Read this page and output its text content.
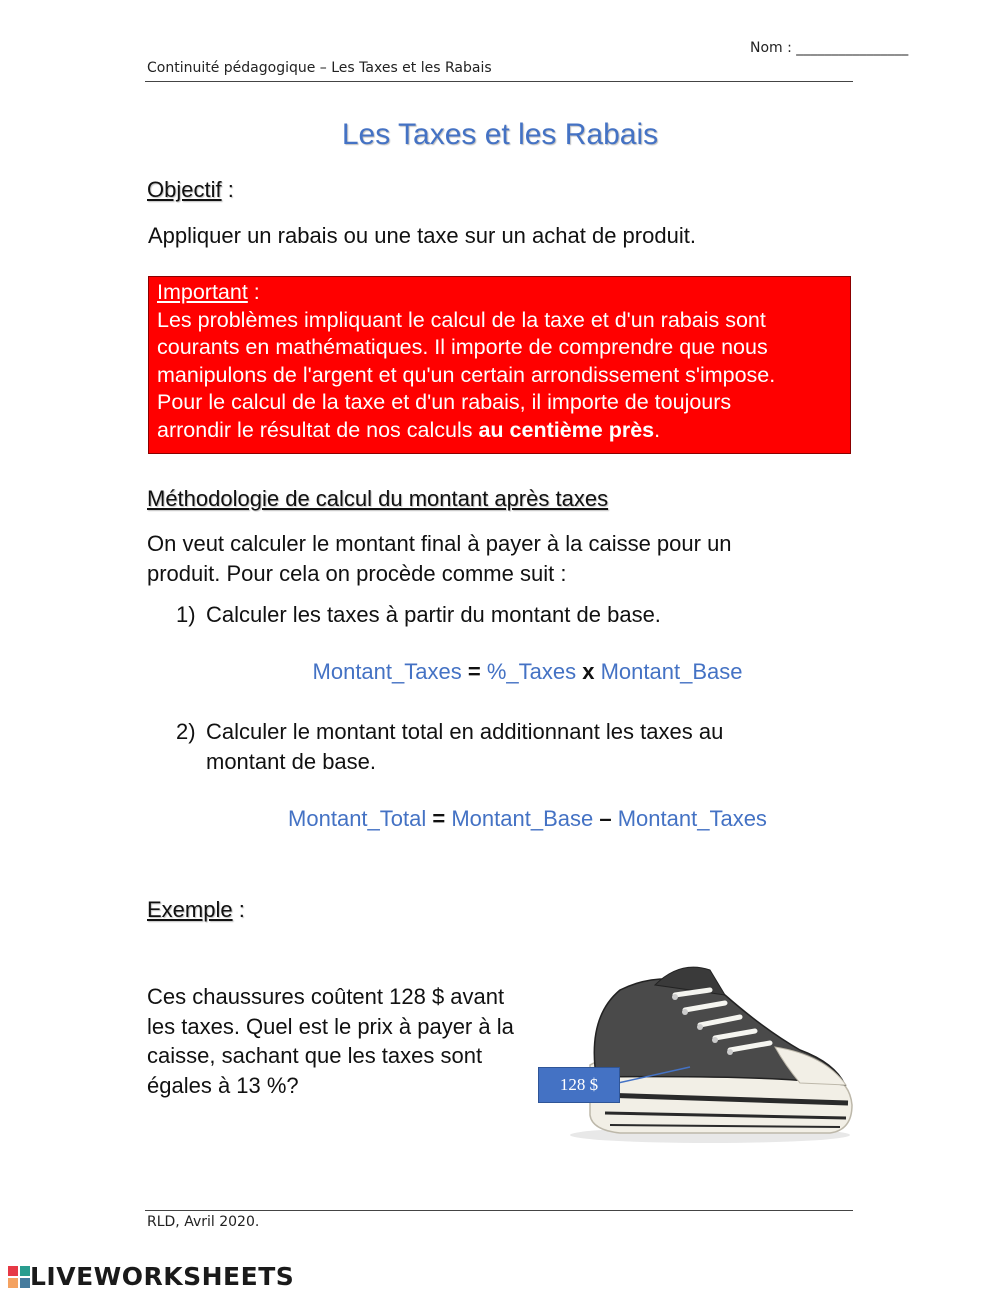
Nom : ________________
Continuité pédagogique – Les Taxes et les Rabais
Les Taxes et les Rabais
Objectif :
Appliquer un rabais ou une taxe sur un achat de produit.
Important :
Les problèmes impliquant le calcul de la taxe et d'un rabais sont
courants en mathématiques. Il importe de comprendre que nous
manipulons de l'argent et qu'un certain arrondissement s'impose.
Pour le calcul de la taxe et d'un rabais, il importe de toujours
arrondir le résultat de nos calculs au centième près.
Méthodologie de calcul du montant après taxes
On veut calculer le montant final à payer à la caisse pour un
produit. Pour cela on procède comme suit :
1) Calculer les taxes à partir du montant de base.
Montant_Taxes = %_Taxes x Montant_Base
2) Calculer le montant total en additionnant les taxes au
montant de base.
Montant_Total = Montant_Base – Montant_Taxes
Exemple :
Ces chaussures coûtent 128 $ avant
les taxes. Quel est le prix à payer à la
caisse, sachant que les taxes sont
égales à 13 %?	128 $
RLD, Avril 2020.
LIVEWORKSHEETS
